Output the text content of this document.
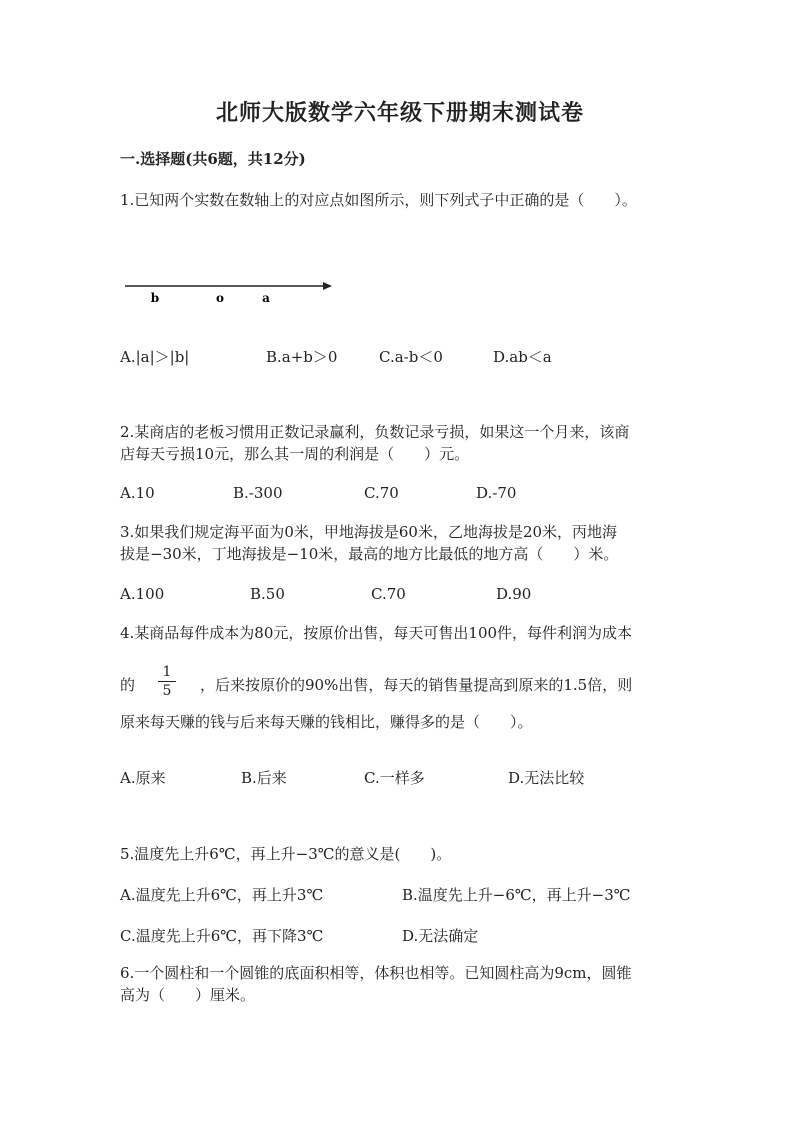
北师大版数学六年级下册期末测试卷
一.选择题(共6题，共12分)
1.已知两个实数在数轴上的对应点如图所示，则下列式子中正确的是（　　）。
b	o	a
A.|a|＞|b|	B.a+b＞0	C.a-b＜0	D.ab＜a
2.某商店的老板习惯用正数记录赢利，负数记录亏损，如果这一个月来，该商
店每天亏损10元，那么其一周的利润是（　　）元。
A.10	B.-300	C.70	D.-70
3.如果我们规定海平面为0米，甲地海拔是60米，乙地海拔是20米，丙地海
拔是−30米，丁地海拔是−10米，最高的地方比最低的地方高（　　）米。
A.100	B.50	C.70	D.90
4.某商品每件成本为80元，按原价出售，每天可售出100件，每件利润为成本
的
1
5	，后来按原价的90%出售，每天的销售量提高到原来的1.5倍，则
原来每天赚的钱与后来每天赚的钱相比，赚得多的是（　　）。
A.原来	B.后来	C.一样多	D.无法比较
5.温度先上升6℃，再上升−3℃的意义是(　　)。
A.温度先上升6℃，再上升3℃	B.温度先上升−6℃，再上升−3℃
C.温度先上升6℃，再下降3℃	D.无法确定
6.一个圆柱和一个圆锥的底面积相等，体积也相等。已知圆柱高为9cm，圆锥
高为（　　）厘米。
